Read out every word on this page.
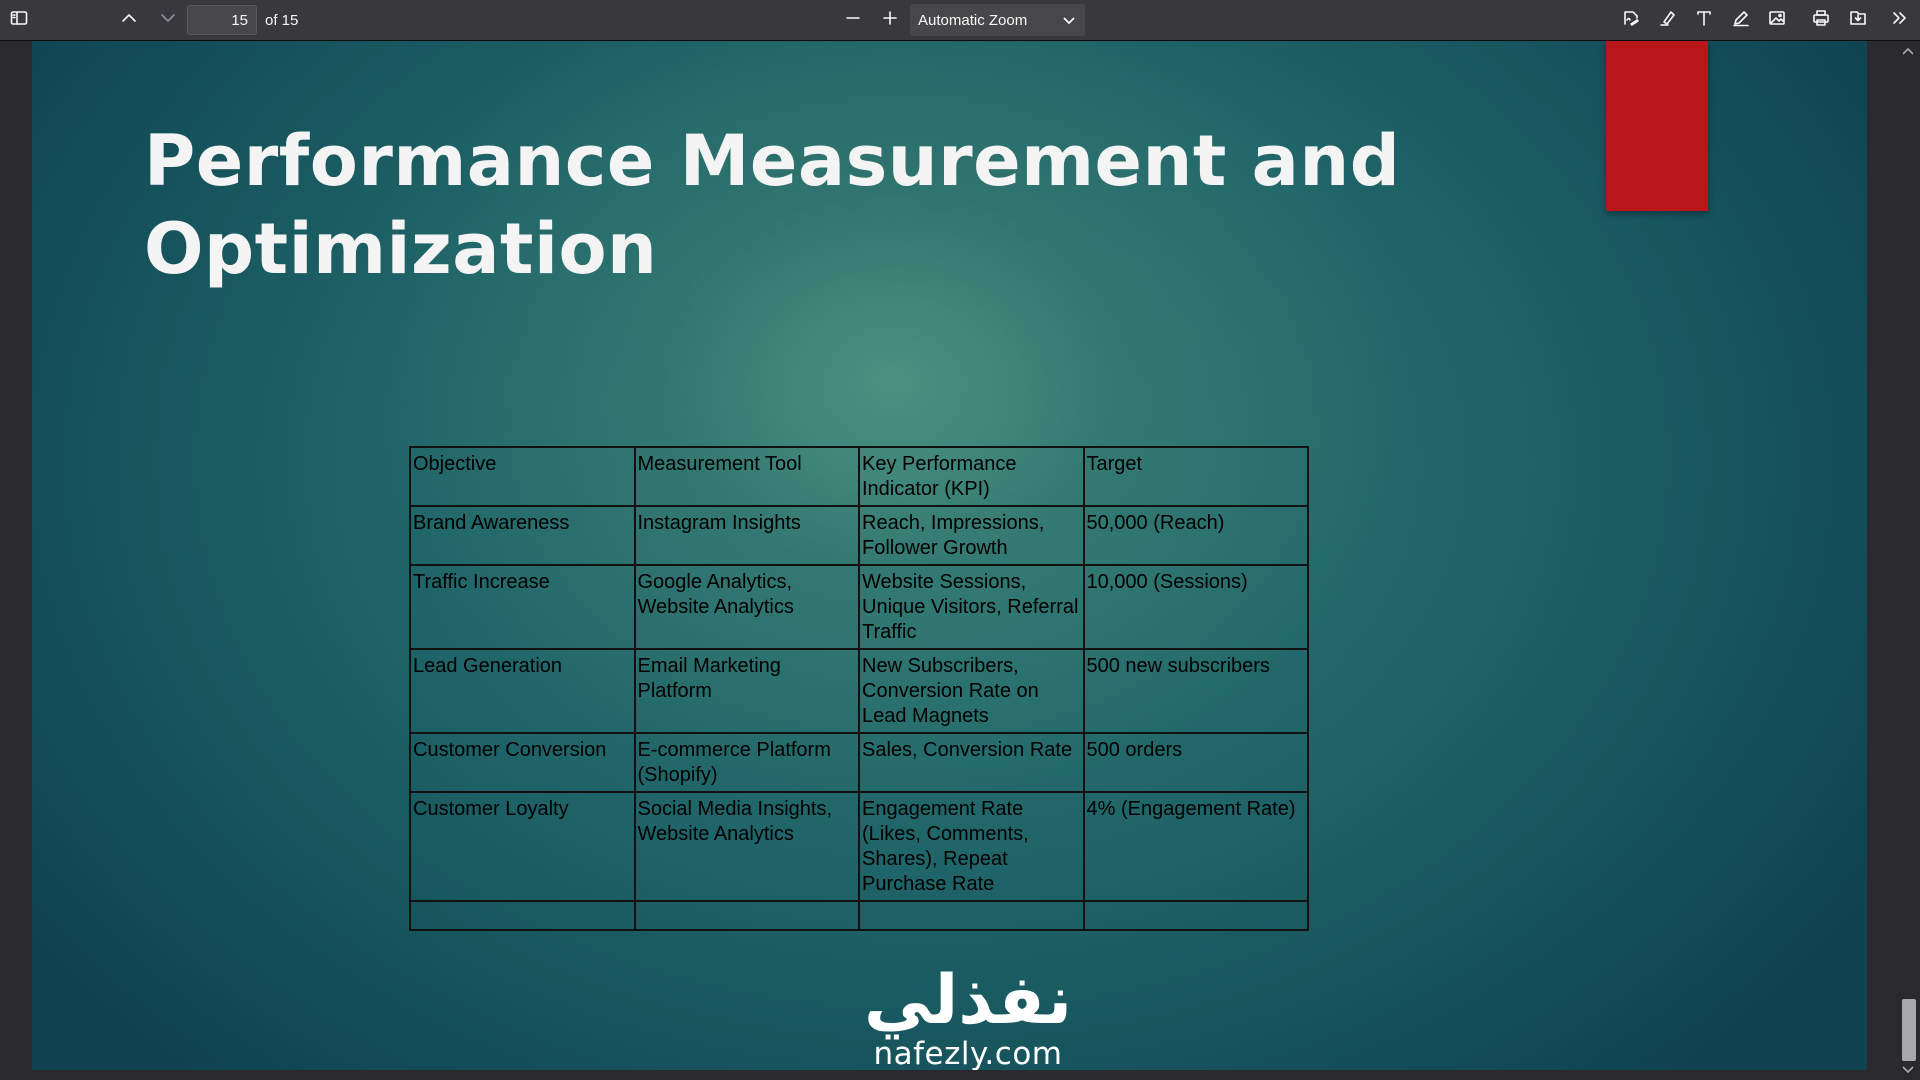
15
of 15	Automatic Zoom
Performance Measurement and
Optimization
Objective	Measurement Tool	Key Performance Indicator (KPI)	Target
Brand Awareness	Instagram Insights	Reach, Impressions, Follower Growth	50,000 (Reach)
Traffic Increase	Google Analytics, Website Analytics	Website Sessions, Unique Visitors, Referral Traffic	10,000 (Sessions)
Lead Generation	Email Marketing Platform	New Subscribers, Conversion Rate on Lead Magnets	500 new subscribers
Customer Conversion	E-commerce Platform (Shopify)	Sales, Conversion Rate	500 orders
Customer Loyalty	Social Media Insights, Website Analytics	Engagement Rate (Likes, Comments, Shares), Repeat Purchase Rate	4% (Engagement Rate)

نفذلي
nafezly.com
